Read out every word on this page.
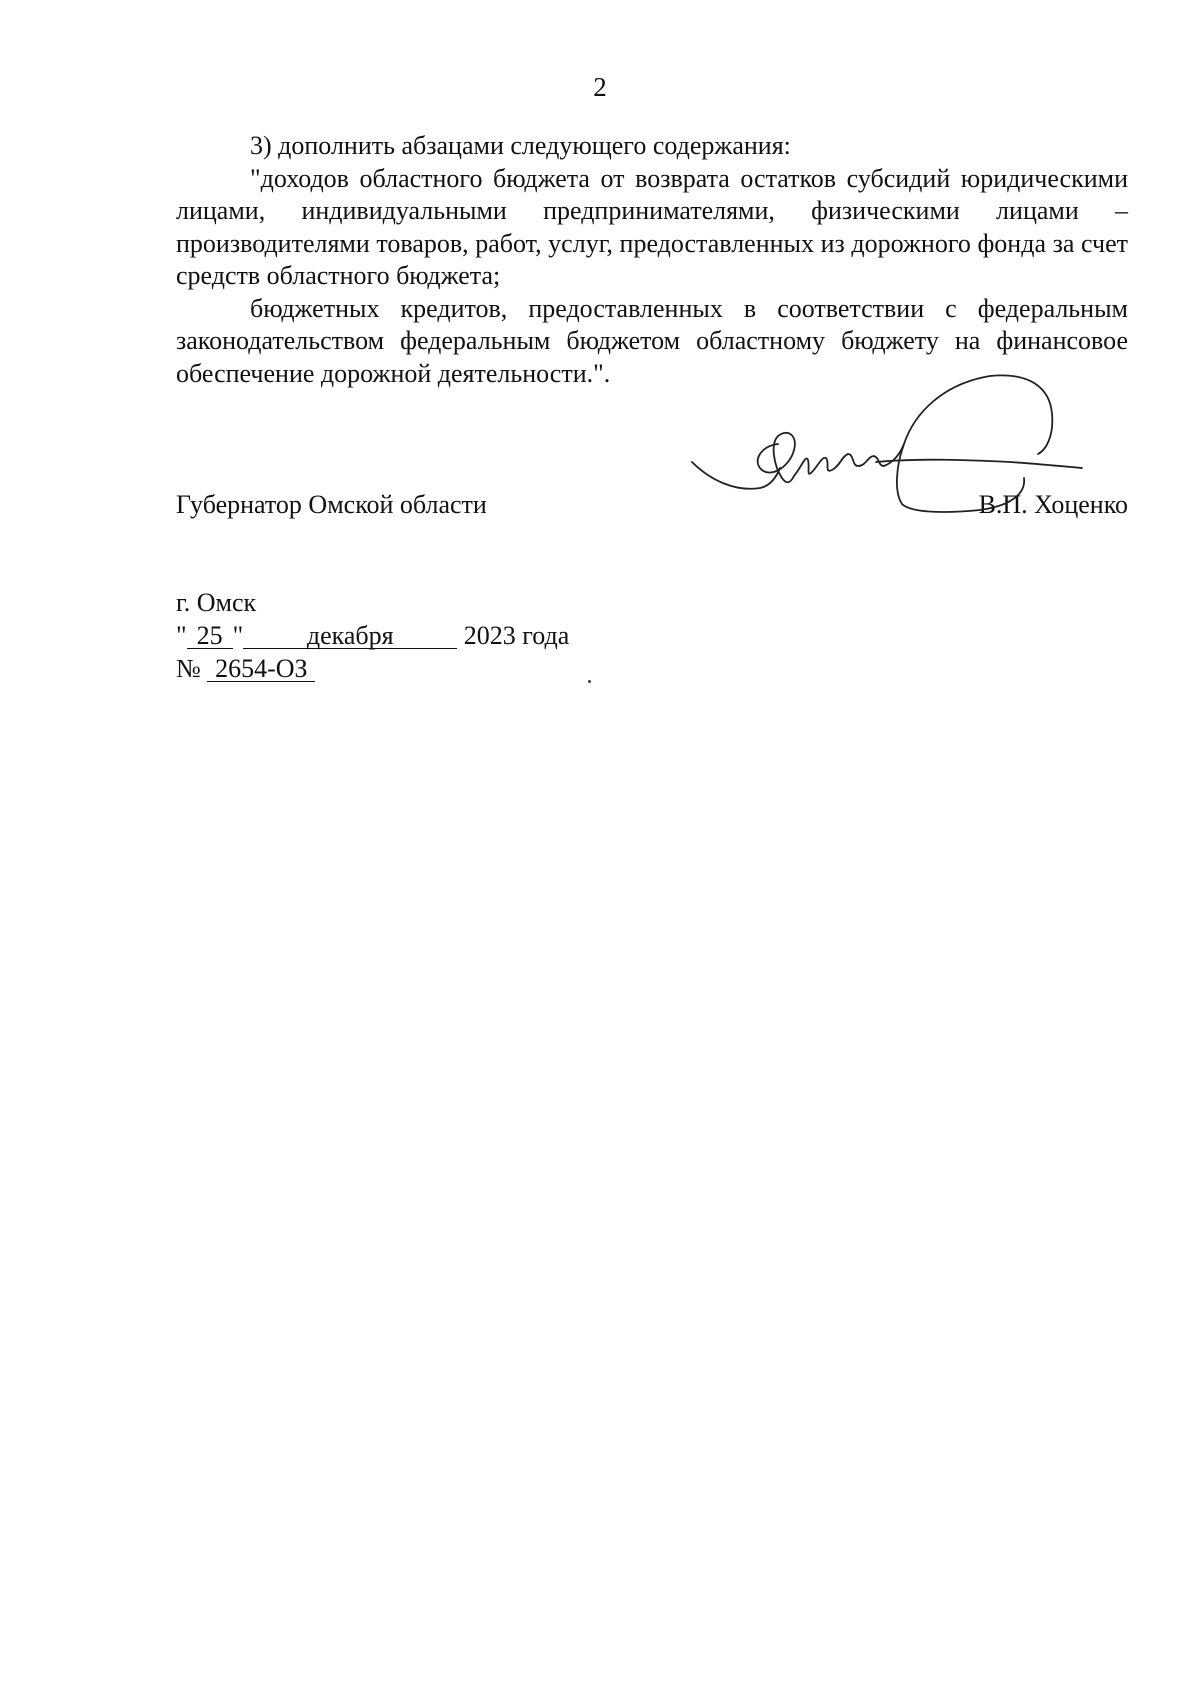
2

3) дополнить абзацами следующего содержания:

"доходов областного бюджета от возврата остатков субсидий юридическими лицами, индивидуальными предпринимателями, физическими лицами – производителями товаров, работ, услуг, предоставленных из дорожного фонда за счет средств областного бюджета;

бюджетных кредитов, предоставленных в соответствии с федеральным законодательством федеральным бюджетом областному бюджету на финансовое обеспечение дорожной деятельности.".

Губернатор Омской области	В.П. Хоценко
г. Омск
" 25 " декабря	2023 года
№ 2654-ОЗ
